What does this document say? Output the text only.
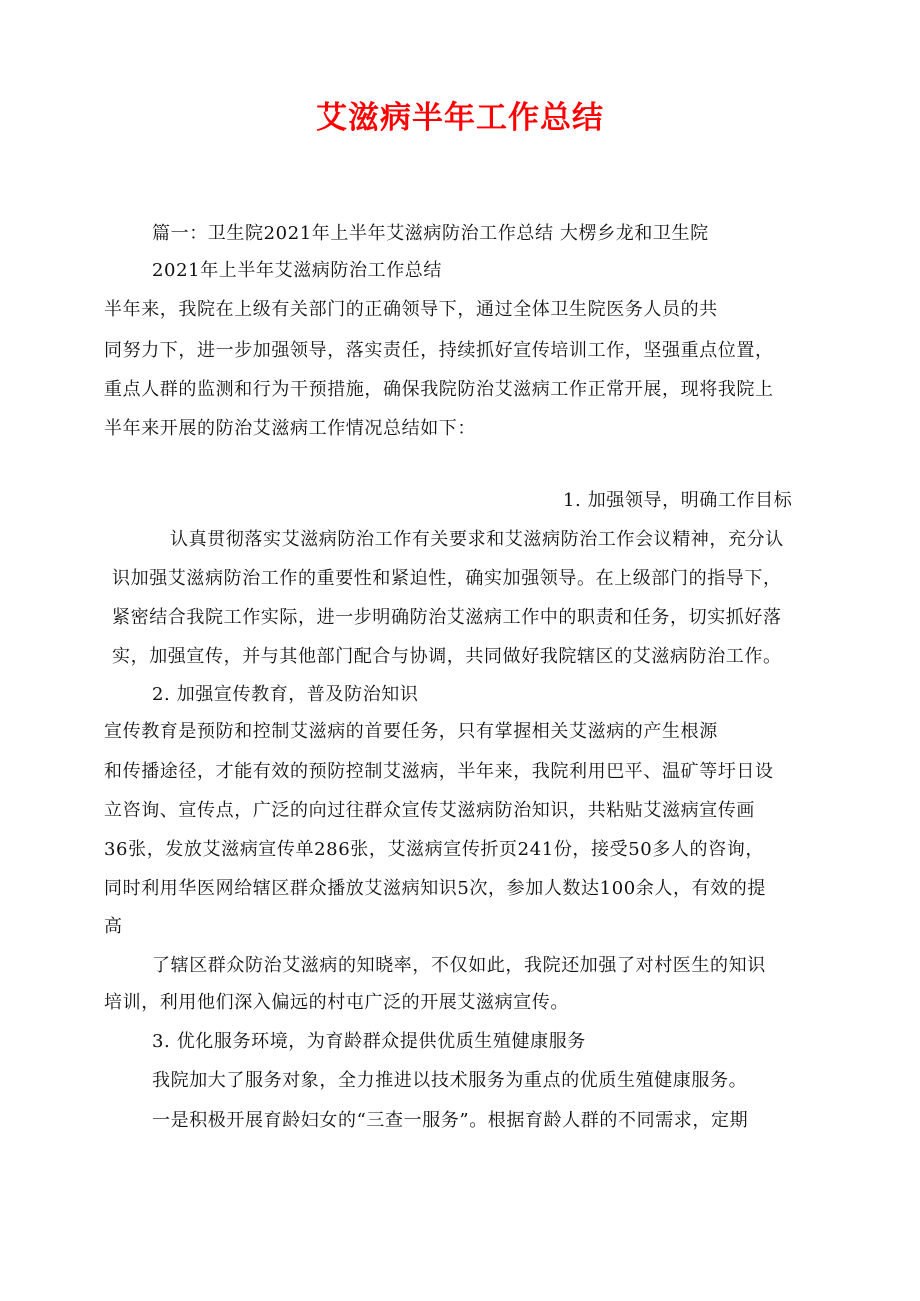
艾滋病半年工作总结
篇一：卫生院2021年上半年艾滋病防治工作总结 大楞乡龙和卫生院
2021年上半年艾滋病防治工作总结
半年来，我院在上级有关部门的正确领导下，通过全体卫生院医务人员的共
同努力下，进一步加强领导，落实责任，持续抓好宣传培训工作，坚强重点位置，
重点人群的监测和行为干预措施，确保我院防治艾滋病工作正常开展，现将我院上
半年来开展的防治艾滋病工作情况总结如下：
1. 加强领导，明确工作目标
认真贯彻落实艾滋病防治工作有关要求和艾滋病防治工作会议精神，充分认
识加强艾滋病防治工作的重要性和紧迫性，确实加强领导。在上级部门的指导下，
紧密结合我院工作实际，进一步明确防治艾滋病工作中的职责和任务，切实抓好落
实，加强宣传，并与其他部门配合与协调，共同做好我院辖区的艾滋病防治工作。
2. 加强宣传教育，普及防治知识
宣传教育是预防和控制艾滋病的首要任务，只有掌握相关艾滋病的产生根源
和传播途径，才能有效的预防控制艾滋病，半年来，我院利用巴平、温矿等圩日设
立咨询、宣传点，广泛的向过往群众宣传艾滋病防治知识，共粘贴艾滋病宣传画
36张，发放艾滋病宣传单286张，艾滋病宣传折页241份，接受50多人的咨询，
同时利用华医网给辖区群众播放艾滋病知识5次，参加人数达100余人，有效的提
高
了辖区群众防治艾滋病的知晓率，不仅如此，我院还加强了对村医生的知识
培训，利用他们深入偏远的村屯广泛的开展艾滋病宣传。
3. 优化服务环境，为育龄群众提供优质生殖健康服务
我院加大了服务对象，全力推进以技术服务为重点的优质生殖健康服务。
一是积极开展育龄妇女的“三查一服务”。根据育龄人群的不同需求，定期
